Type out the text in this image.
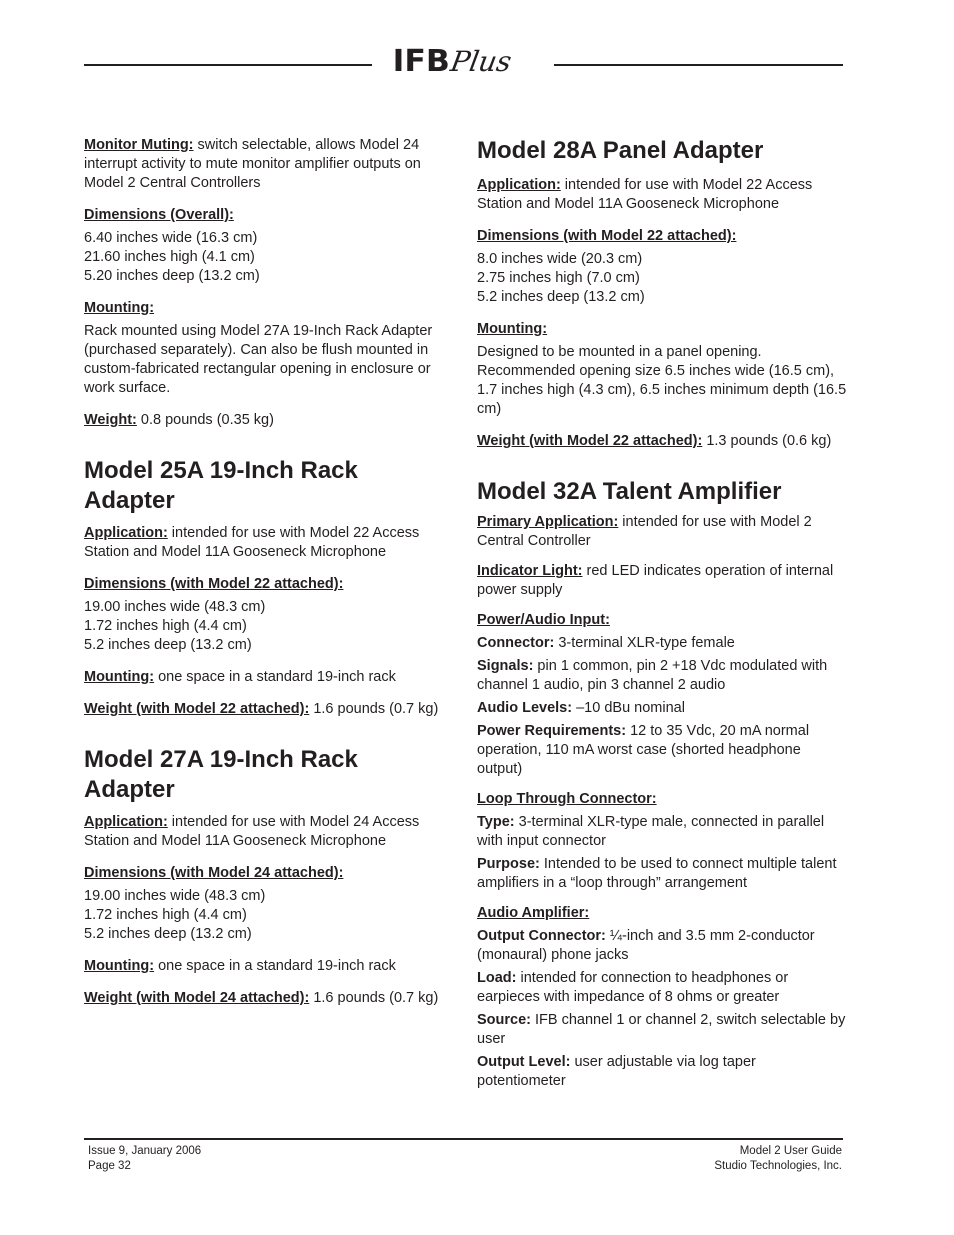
IFB
Plus

Monitor Muting: switch selectable, allows Model 24 interrupt activity to mute monitor amplifier outputs on Model 2 Central Controllers

Dimensions (Overall):
6.40 inches wide (16.3 cm)
21.60 inches high (4.1 cm)
5.20 inches deep (13.2 cm)
Mounting:
Rack mounted using Model 27A 19-Inch Rack Adapter (purchased separately). Can also be flush mounted in custom-fabricated rectangular opening in enclosure or work surface.

Weight: 0.8 pounds (0.35 kg)

Model 25A 19-Inch Rack Adapter

Application: intended for use with Model 22 Access Station and Model 11A Gooseneck Microphone

Dimensions (with Model 22 attached):
19.00 inches wide (48.3 cm)
1.72 inches high (4.4 cm)
5.2 inches deep (13.2 cm)

Mounting: one space in a standard 19-inch rack

Weight (with Model 22 attached): 1.6 pounds (0.7 kg)

Model 27A 19-Inch Rack Adapter

Application: intended for use with Model 24 Access Station and Model 11A Gooseneck Microphone

Dimensions (with Model 24 attached):
19.00 inches wide (48.3 cm)
1.72 inches high (4.4 cm)
5.2 inches deep (13.2 cm)

Mounting: one space in a standard 19-inch rack

Weight (with Model 24 attached): 1.6 pounds (0.7 kg)

Model 28A Panel Adapter

Application: intended for use with Model 22 Access Station and Model 11A Gooseneck Microphone

Dimensions (with Model 22 attached):
8.0 inches wide (20.3 cm)
2.75 inches high (7.0 cm)
5.2 inches deep (13.2 cm)
Mounting:
Designed to be mounted in a panel opening. Recommended opening size 6.5 inches wide (16.5 cm), 1.7 inches high (4.3 cm), 6.5 inches minimum depth (16.5 cm)

Weight (with Model 22 attached): 1.3 pounds (0.6 kg)

Model 32A Talent Amplifier

Primary Application: intended for use with Model 2 Central Controller

Indicator Light: red LED indicates operation of internal power supply

Power/Audio Input:

Connector: 3-terminal XLR-type female

Signals: pin 1 common, pin 2 +18 Vdc modulated with channel 1 audio, pin 3 channel 2 audio

Audio Levels: –10 dBu nominal

Power Requirements: 12 to 35 Vdc, 20 mA normal operation, 110 mA worst case (shorted headphone output)

Loop Through Connector:

Type: 3-terminal XLR-type male, connected in parallel with input connector

Purpose: Intended to be used to connect multiple talent amplifiers in a “loop through” arrangement

Audio Amplifier:

Output Connector: ¼-inch and 3.5 mm 2-conductor (monaural) phone jacks

Load: intended for connection to headphones or earpieces with impedance of 8 ohms or greater

Source: IFB channel 1 or channel 2, switch selectable by user

Output Level: user adjustable via log taper potentiometer

Issue 9, January 2006
Page 32
Model 2 User Guide
Studio Technologies, Inc.
